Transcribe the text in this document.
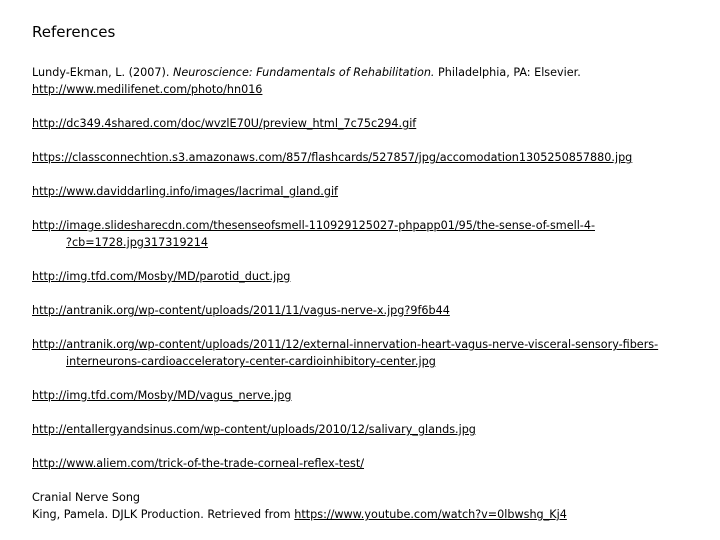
References
Lundy-Ekman, L. (2007). Neuroscience: Fundamentals of Rehabilitation. Philadelphia, PA: Elsevier.
http://www.medilifenet.com/photo/hn016
http://dc349.4shared.com/doc/wvzlE70U/preview_html_7c75c294.gif
https://classconnechtion.s3.amazonaws.com/857/flashcards/527857/jpg/accomodation1305250857880.jpg
http://www.daviddarling.info/images/lacrimal_gland.gif
http://image.slidesharecdn.com/thesenseofsmell-110929125027-phpapp01/95/the-sense-of-smell-4-
?cb=1728.jpg317319214
http://img.tfd.com/Mosby/MD/parotid_duct.jpg
http://antranik.org/wp-content/uploads/2011/11/vagus-nerve-x.jpg?9f6b44
http://antranik.org/wp-content/uploads/2011/12/external-innervation-heart-vagus-nerve-visceral-sensory-fibers-
interneurons-cardioacceleratory-center-cardioinhibitory-center.jpg
http://img.tfd.com/Mosby/MD/vagus_nerve.jpg
http://entallergyandsinus.com/wp-content/uploads/2010/12/salivary_glands.jpg
http://www.aliem.com/trick-of-the-trade-corneal-reflex-test/
Cranial Nerve Song
King, Pamela. DJLK Production. Retrieved from https://www.youtube.com/watch?v=0lbwshg_Kj4
